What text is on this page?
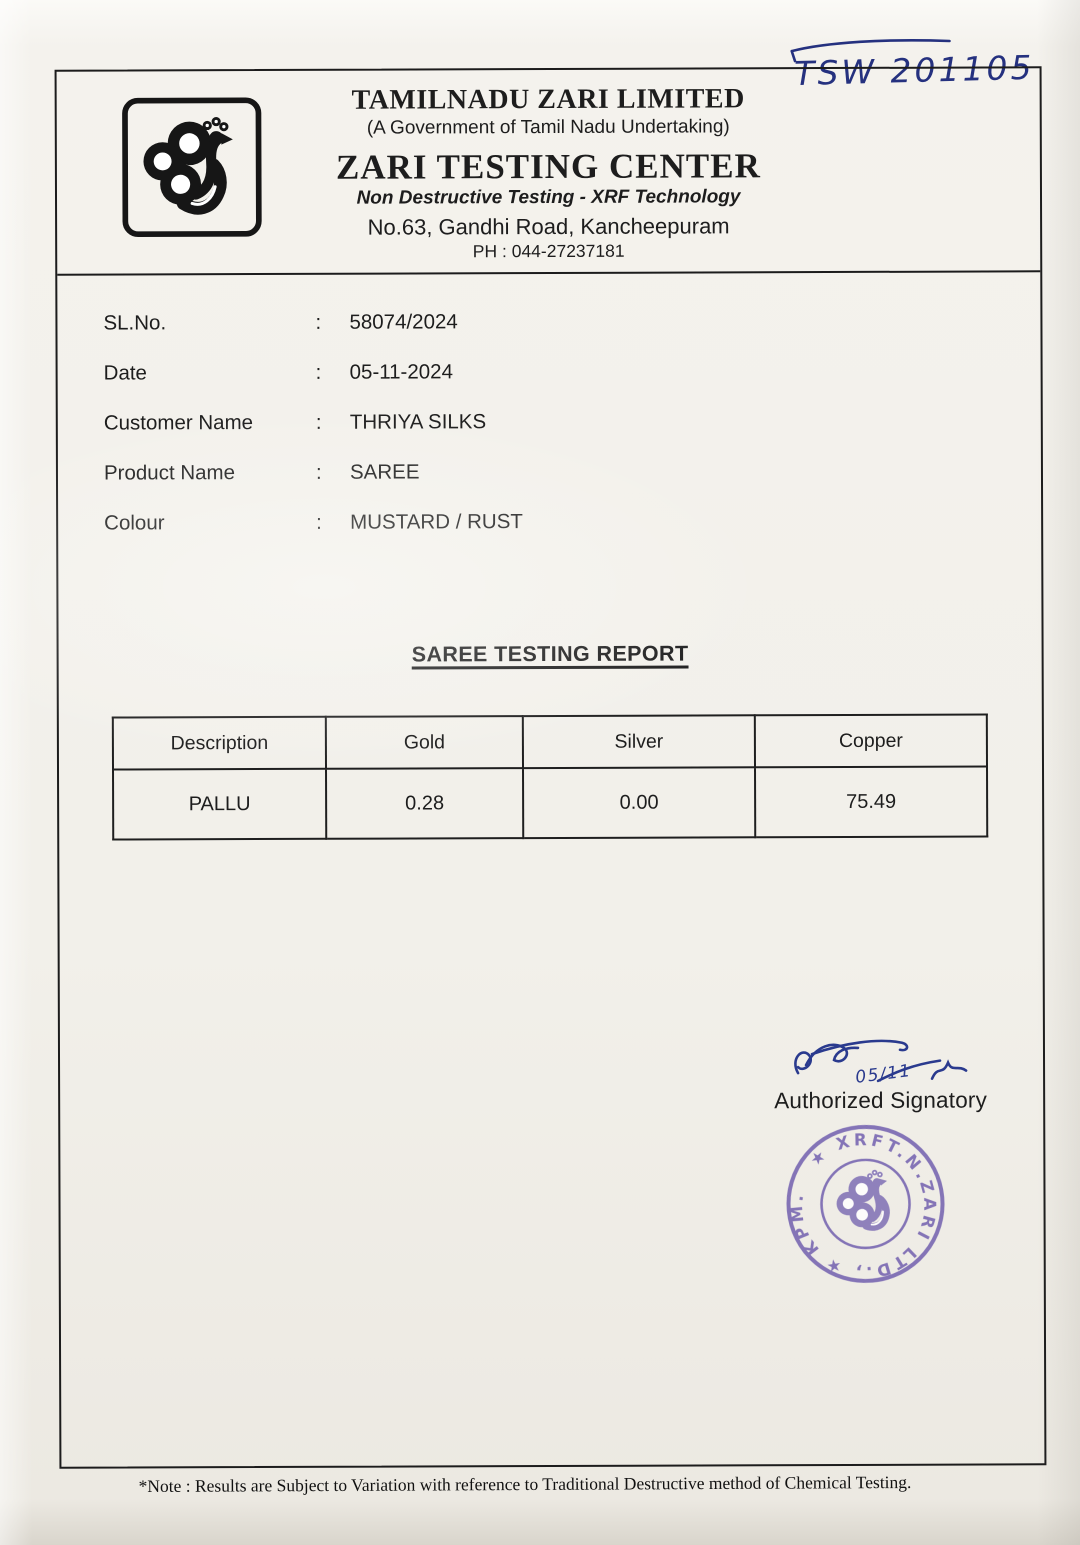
TSW 201105
TAMILNADU ZARI LIMITED
(A Government of Tamil Nadu Undertaking)
ZARI TESTING CENTER
Non Destructive Testing - XRF Technology
No.63, Gandhi Road, Kancheepuram
PH : 044-27237181
SL.No.	:	58074/2024
Date	:	05-11-2024
Customer Name	:	THRIYA SILKS
Product Name	:	SAREE
Colour	:	MUSTARD / RUST
SAREE TESTING REPORT
Description	Gold	Silver	Copper
PALLU	0.28	0.00	75.49
05/11
Authorized Signatory
★ XRFT.N.ZARI LTD., ★ KPM.
*Note : Results are Subject to Variation with reference to Traditional Destructive method of Chemical Testing.
